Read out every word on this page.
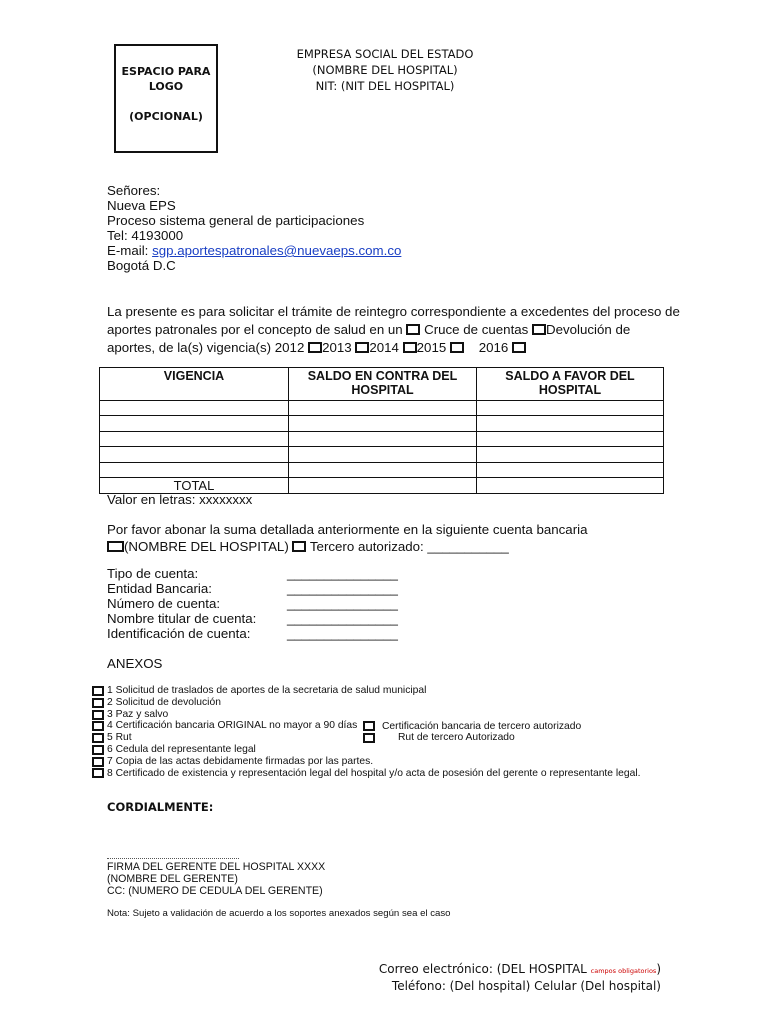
ESPACIO PARA
LOGO
(OPCIONAL)
EMPRESA SOCIAL DEL ESTADO
(NOMBRE DEL HOSPITAL)
NIT: (NIT DEL HOSPITAL)
Señores:
Nueva EPS
Proceso sistema general de participaciones
Tel: 4193000
E-mail: sgp.aportespatronales@nuevaeps.com.co
Bogotá D.C
La presente es para solicitar el trámite de reintegro correspondiente a excedentes del proceso de
aportes patronales por el concepto de salud en un  Cruce de cuentas Devolución de
aportes, de la(s) vigencia(s) 2012 2013 2014 2015 2016
VIGENCIA	SALDO EN CONTRA DEL HOSPITAL	SALDO A FAVOR DEL HOSPITAL

TOTAL		
Valor en letras: xxxxxxxx
Por favor abonar la suma detallada anteriormente en la siguiente cuenta bancaria
(NOMBRE DEL HOSPITAL)  Tercero autorizado: ___________
Tipo de cuenta:	_______________
Entidad Bancaria:	_______________
Número de cuenta:	_______________
Nombre titular de cuenta: _______________
Identificación de cuenta:	_______________
ANEXOS
1 Solicitud de traslados de aportes de la secretaria de salud municipal
2 Solicitud de devolución
3 Paz y salvo
4 Certificación bancaria ORIGINAL no mayor a 90 días
5 Rut
6 Cedula del representante legal
7 Copia de las actas debidamente firmadas por las partes.
8 Certificado de existencia y representación legal del hospital y/o acta de posesión del gerente o representante legal.
Certificación bancaria de tercero autorizado
Rut de tercero Autorizado
CORDIALMENTE:
FIRMA DEL GERENTE DEL HOSPITAL XXXX
(NOMBRE DEL GERENTE)
CC: (NUMERO DE CEDULA DEL GERENTE)
Nota: Sujeto a validación de acuerdo a los soportes anexados según sea el caso
Correo electrónico: (DEL HOSPITAL campos obligatorios)
Teléfono: (Del hospital) Celular (Del hospital)
